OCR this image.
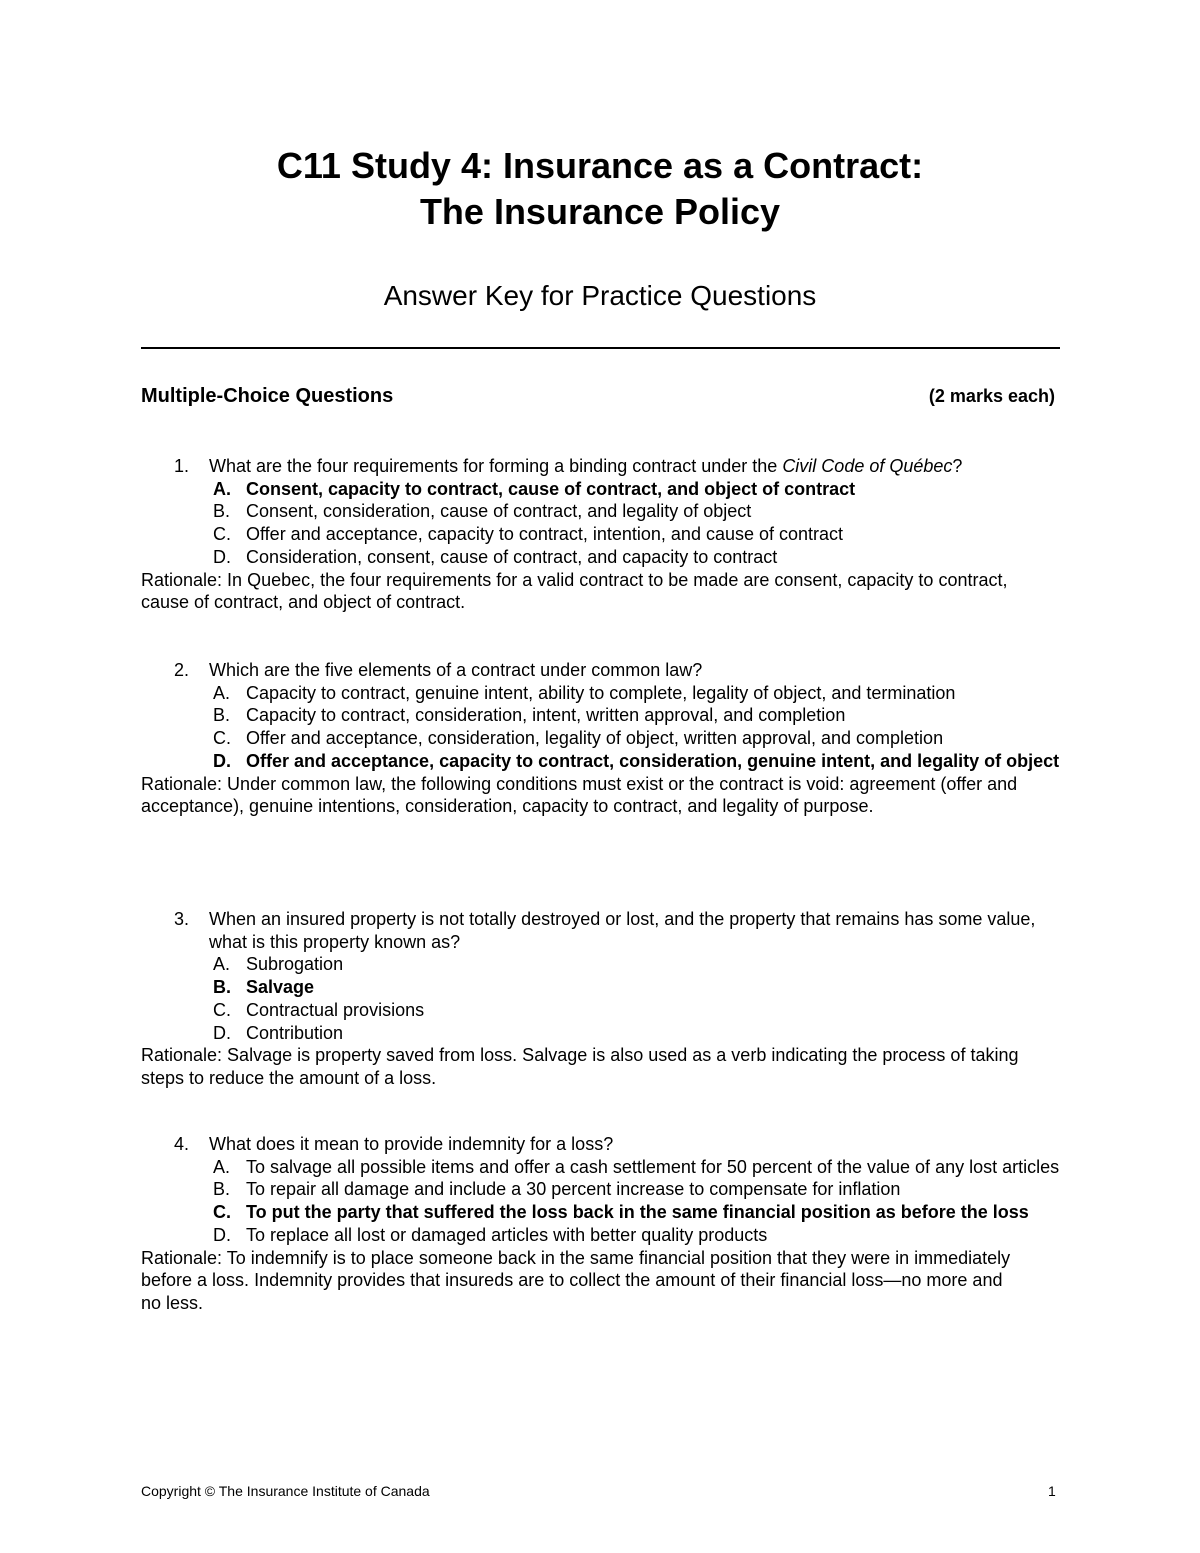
C11 Study 4: Insurance as a Contract:
The Insurance Policy
Answer Key for Practice Questions
Multiple-Choice Questions	(2 marks each)
1. What are the four requirements for forming a binding contract under the Civil Code of Québec?
A. Consent, capacity to contract, cause of contract, and object of contract
B. Consent, consideration, cause of contract, and legality of object
C. Offer and acceptance, capacity to contract, intention, and cause of contract
D. Consideration, consent, cause of contract, and capacity to contract
Rationale: In Quebec, the four requirements for a valid contract to be made are consent, capacity to contract, cause of contract, and object of contract.
2. Which are the five elements of a contract under common law?
A. Capacity to contract, genuine intent, ability to complete, legality of object, and termination
B. Capacity to contract, consideration, intent, written approval, and completion
C. Offer and acceptance, consideration, legality of object, written approval, and completion
D. Offer and acceptance, capacity to contract, consideration, genuine intent, and legality of object
Rationale: Under common law, the following conditions must exist or the contract is void: agreement (offer and acceptance), genuine intentions, consideration, capacity to contract, and legality of purpose.
3. When an insured property is not totally destroyed or lost, and the property that remains has some value, what is this property known as?
A. Subrogation
B. Salvage
C. Contractual provisions
D. Contribution
Rationale: Salvage is property saved from loss. Salvage is also used as a verb indicating the process of taking steps to reduce the amount of a loss.
4. What does it mean to provide indemnity for a loss?
A. To salvage all possible items and offer a cash settlement for 50 percent of the value of any lost articles
B. To repair all damage and include a 30 percent increase to compensate for inflation
C. To put the party that suffered the loss back in the same financial position as before the loss
D. To replace all lost or damaged articles with better quality products
Rationale: To indemnify is to place someone back in the same financial position that they were in immediately before a loss. Indemnity provides that insureds are to collect the amount of their financial loss—no more and no less.
Copyright © The Insurance Institute of Canada	1
